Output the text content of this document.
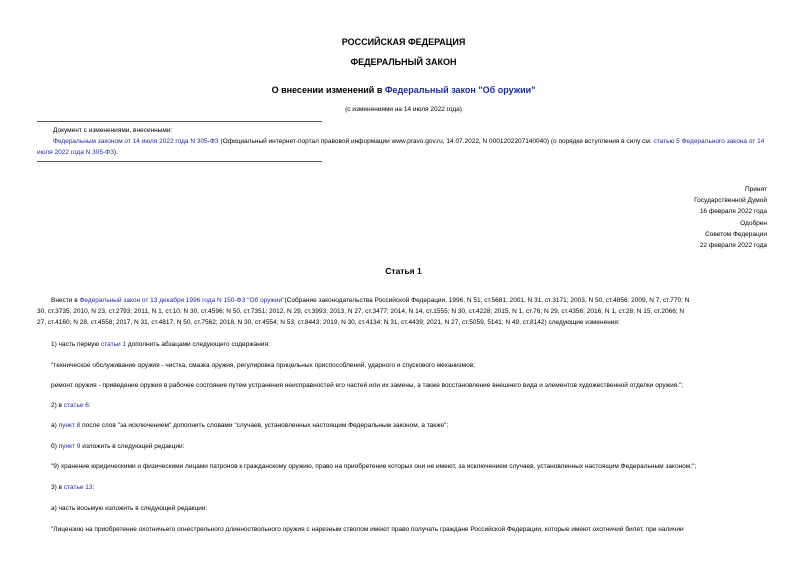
РОССИЙСКАЯ ФЕДЕРАЦИЯ
ФЕДЕРАЛЬНЫЙ ЗАКОН
О внесении изменений в Федеральный закон "Об оружии"
(с изменениями на 14 июля 2022 года)
Документ с изменениями, внесенными:
Федеральным законом от 14 июля 2022 года N 305-ФЗ (Официальный интернет-портал правовой информации www.pravo.gov.ru, 14.07.2022, N 0001202207140040) (о порядке вступления в силу см. статью 5 Федерального закона от 14 июля 2022 года N 305-ФЗ).
Принят
Государственной Думой
16 февраля 2022 года
Одобрен
Советом Федерации
22 февраля 2022 года
Статья 1
Внести в Федеральный закон от 13 декабря 1996 года N 150-ФЗ "Об оружии"(Собрание законодательства Российской Федерации, 1996, N 51, ст.5681; 2001, N 31, ст.3171; 2003, N 50, ст.4856; 2009, N 7, ст.770; N
30, ст.3735; 2010, N 23, ст.2793; 2011, N 1, ст.10; N 30, ст.4596; N 50, ст.7351; 2012, N 29, ст.3993; 2013, N 27, ст.3477; 2014, N 14, ст.1555; N 30, ст.4228; 2015, N 1, ст.76; N 29, ст.4356; 2016, N 1, ст.28; N 15, ст.2066; N
27, ст.4160; N 28, ст.4558; 2017, N 31, ст.4817; N 50, ст.7562; 2018, N 30, ст.4554; N 53, ст.8443; 2019, N 30, ст.4134; N 31, ст.4439; 2021, N 27, ст.5059, 5141; N 49, ст.8142) следующие изменения:
1) часть первую статьи 1 дополнить абзацами следующего содержания:
"техническое обслуживание оружия - чистка, смазка оружия, регулировка прицельных приспособлений, ударного и спускового механизмов;
ремонт оружия - приведение оружия в рабочее состояние путем устранения неисправностей его частей или их замены, а также восстановление внешнего вида и элементов художественной отделки оружия.";
2) в статье 6:
а) пункт 8 после слов "за исключением" дополнить словами "случаев, установленных настоящим Федеральным законом, а также";
б) пункт 9 изложить в следующей редакции:
"9) хранение юридическими и физическими лицами патронов к гражданскому оружию, право на приобретение которых они не имеют, за исключением случаев, установленных настоящим Федеральным законом;";
3) в статье 13:
а) часть восьмую изложить в следующей редакции:
"Лицензию на приобретение охотничьего огнестрельного длинноствольного оружия с нарезным стволом имеют право получать граждане Российской Федерации, которые имеют охотничий билет, при наличии
